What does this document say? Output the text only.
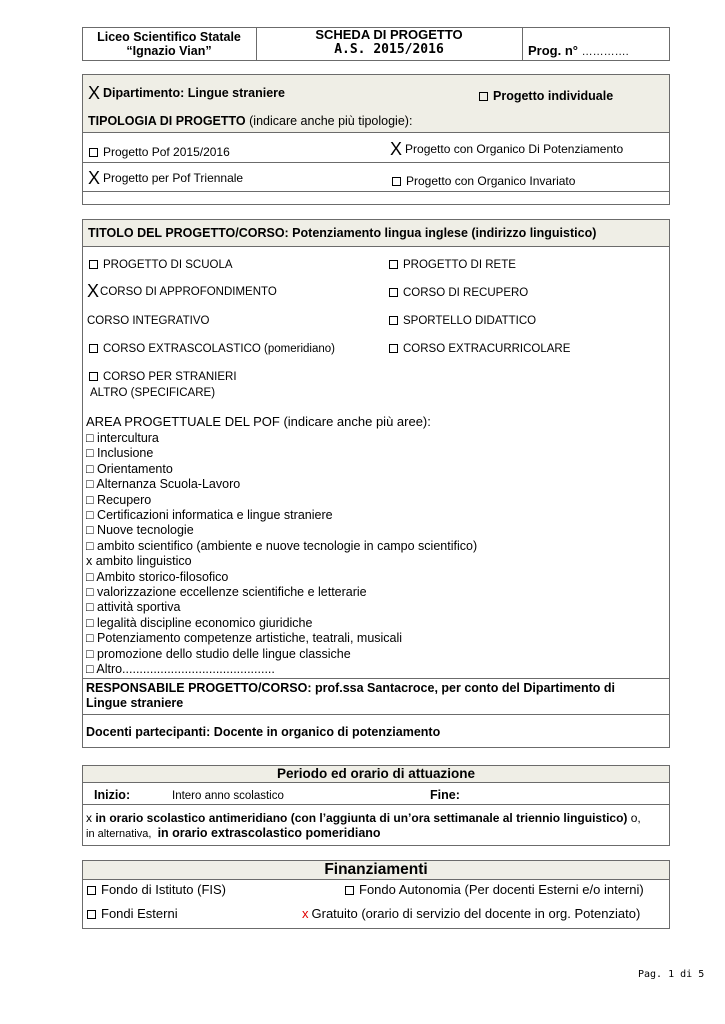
Liceo Scientifico Statale
“Ignazio Vian”
SCHEDA DI PROGETTO
A.S. 2015/2016	Prog. n° ………….
X Dipartimento: Lingue straniere	Progetto individuale
TIPOLOGIA DI PROGETTO (indicare anche più tipologie):
Progetto Pof 2015/2016	X Progetto con Organico Di Potenziamento
X Progetto per Pof Triennale	Progetto con Organico Invariato
TITOLO DEL PROGETTO/CORSO: Potenziamento lingua inglese (indirizzo linguistico)
PROGETTO DI SCUOLA	PROGETTO DI RETE
XCORSO DI APPROFONDIMENTO	CORSO DI RECUPERO
CORSO INTEGRATIVO	SPORTELLO DIDATTICO
CORSO EXTRASCOLASTICO (pomeridiano)	CORSO EXTRACURRICOLARE
CORSO PER STRANIERI
ALTRO (SPECIFICARE)
AREA PROGETTUALE DEL POF (indicare anche più aree):
□ intercultura
□ Inclusione
□ Orientamento
□ Alternanza Scuola-Lavoro
□ Recupero
□ Certificazioni informatica e lingue straniere
□ Nuove tecnologie
□ ambito scientifico (ambiente e nuove tecnologie in campo scientifico)
x ambito linguistico
□ Ambito storico-filosofico
□ valorizzazione eccellenze scientifiche e letterarie
□ attività sportiva
□ legalità discipline economico giuridiche
□ Potenziamento competenze artistiche, teatrali, musicali
□ promozione dello studio delle lingue classiche
□ Altro............................................
RESPONSABILE PROGETTO/CORSO: prof.ssa Santacroce, per conto del Dipartimento di
Lingue straniere
Docenti partecipanti: Docente in organico di potenziamento
Periodo ed orario di attuazione
Inizio:	Intero anno scolastico	Fine:
x in orario scolastico antimeridiano (con l’aggiunta di un’ora settimanale al triennio linguistico) o,
in alternativa, in orario extrascolastico pomeridiano
Finanziamenti
Fondo di Istituto (FIS)	Fondo Autonomia (Per docenti Esterni e/o interni)
Fondi Esterni	x Gratuito (orario di servizio del docente in org. Potenziato)
Pag. 1 di 5
